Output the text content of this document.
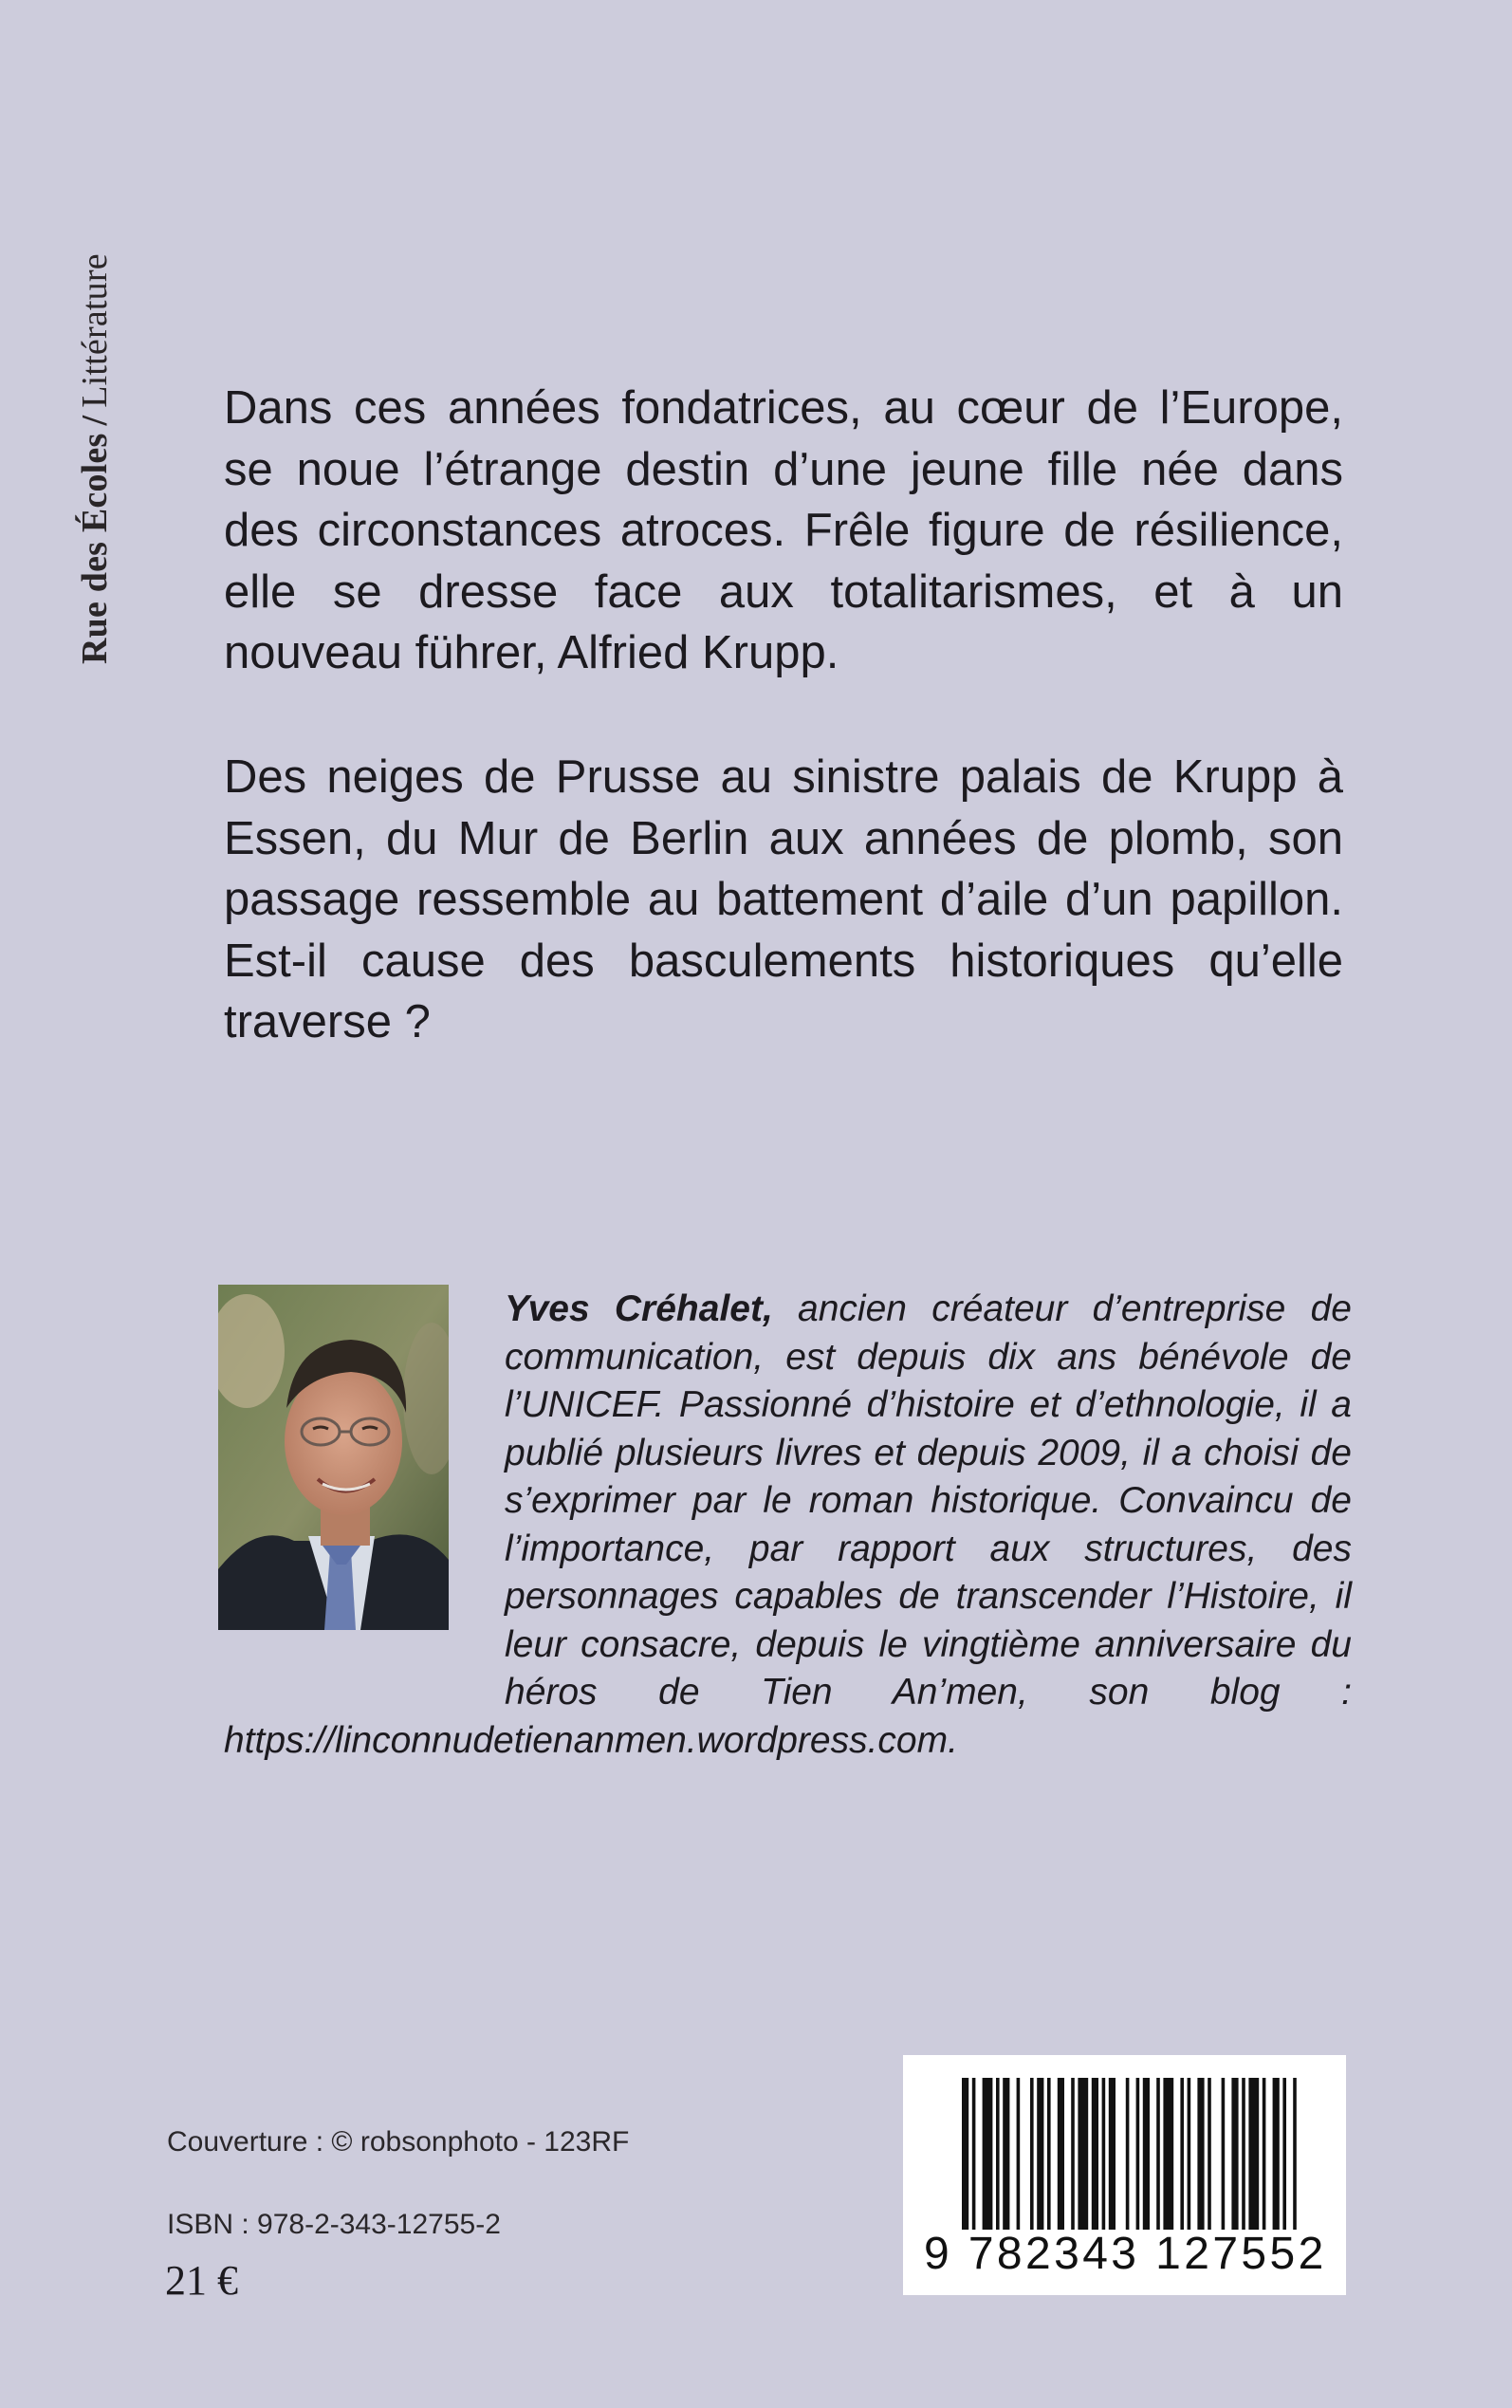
Rue des Écoles/Littérature
Dans ces années fondatrices, au cœur de l’Europe, se noue l’étrange destin d’une jeune fille née dans des circonstances atroces. Frêle figure de résilience, elle se dresse face aux totalitarismes, et à un nouveau führer, Alfried Krupp.
Des neiges de Prusse au sinistre palais de Krupp à Essen, du Mur de Berlin aux années de plomb, son passage ressemble au battement d’aile d’un papillon. Est-il cause des basculements historiques qu’elle traverse ?
Yves Créhalet, ancien créateur d’entreprise de communication, est depuis dix ans bénévole de l’UNICEF. Passionné d’histoire et d’ethnologie, il a publié plusieurs livres et depuis 2009, il a choisi de s’exprimer par le roman historique. Convaincu de l’importance, par rapport aux structures, des personnages capables de transcender l’Histoire, il leur consacre, depuis le vingtième anniversaire du héros de Tien An’men, son blog : https://linconnudetienanmen.wordpress.com.
Couverture : © robsonphoto - 123RF
ISBN : 978-2-343-12755-2
21 €
9 782343 127552
